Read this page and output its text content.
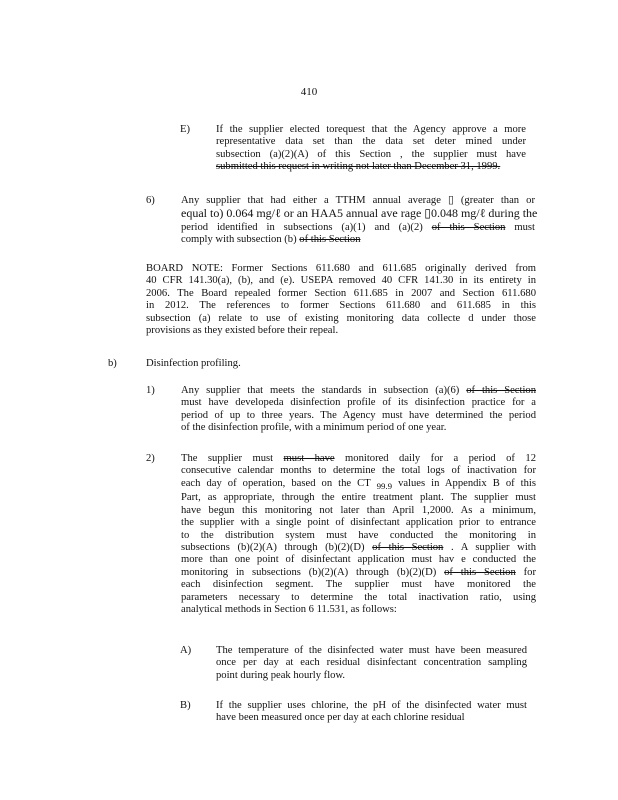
410
E) If the supplier elected torequest that the Agency approve a more
representative data set than the data set deter mined under
subsection (a)(2)(A) of this Section , the supplier must have
submitted this request in writing not later than December 31, 1999.
6) Any supplier that had either a TTHM annual average ▯ (greater than or
equal to) 0.064 mg/ℓ or an HAA5 annual ave rage ▯0.048 mg/ℓ during the
period identified in subsections (a)(1) and (a)(2) of this Section must
comply with subsection (b) of this Section
BOARD NOTE: Former Sections 611.680 and 611.685 originally derived from
40 CFR 141.30(a), (b), and (e). USEPA removed 40 CFR 141.30 in its entirety in
2006. The Board repealed former Section 611.685 in 2007 and Section 611.680
in 2012. The references to former Sections 611.680 and 611.685 in this
subsection (a) relate to use of existing monitoring data collecte d under those
provisions as they existed before their repeal.
b)	Disinfection profiling.
1) Any supplier that meets the standards in subsection (a)(6) of this Section
must have developeda disinfection profile of its disinfection practice for a
period of up to three years. The Agency must have determined the period
of the disinfection profile, with a minimum period of one year.
2) The supplier must must have monitored daily for a period of 12
consecutive calendar months to determine the total logs of inactivation for
each day of operation, based on the CT $_{99.9}$ values in Appendix B of this
Part, as appropriate, through the entire treatment plant. The supplier must
have begun this monitoring not later than April 1,2000. As a minimum,
the supplier with a single point of disinfectant application prior to entrance
to the distribution system must have conducted the monitoring in
subsections (b)(2)(A) through (b)(2)(D) of this Section . A supplier with
more than one point of disinfectant application must hav e conducted the
monitoring in subsections (b)(2)(A) through (b)(2)(D) of this Section for
each disinfection segment. The supplier must have monitored the
parameters necessary to determine the total inactivation ratio, using
analytical methods in Section 6 11.531, as follows:
A) The temperature of the disinfected water must have been measured
once per day at each residual disinfectant concentration sampling
point during peak hourly flow.
B) If the supplier uses chlorine, the pH of the disinfected water must
have been measured once per day at each chlorine residual
